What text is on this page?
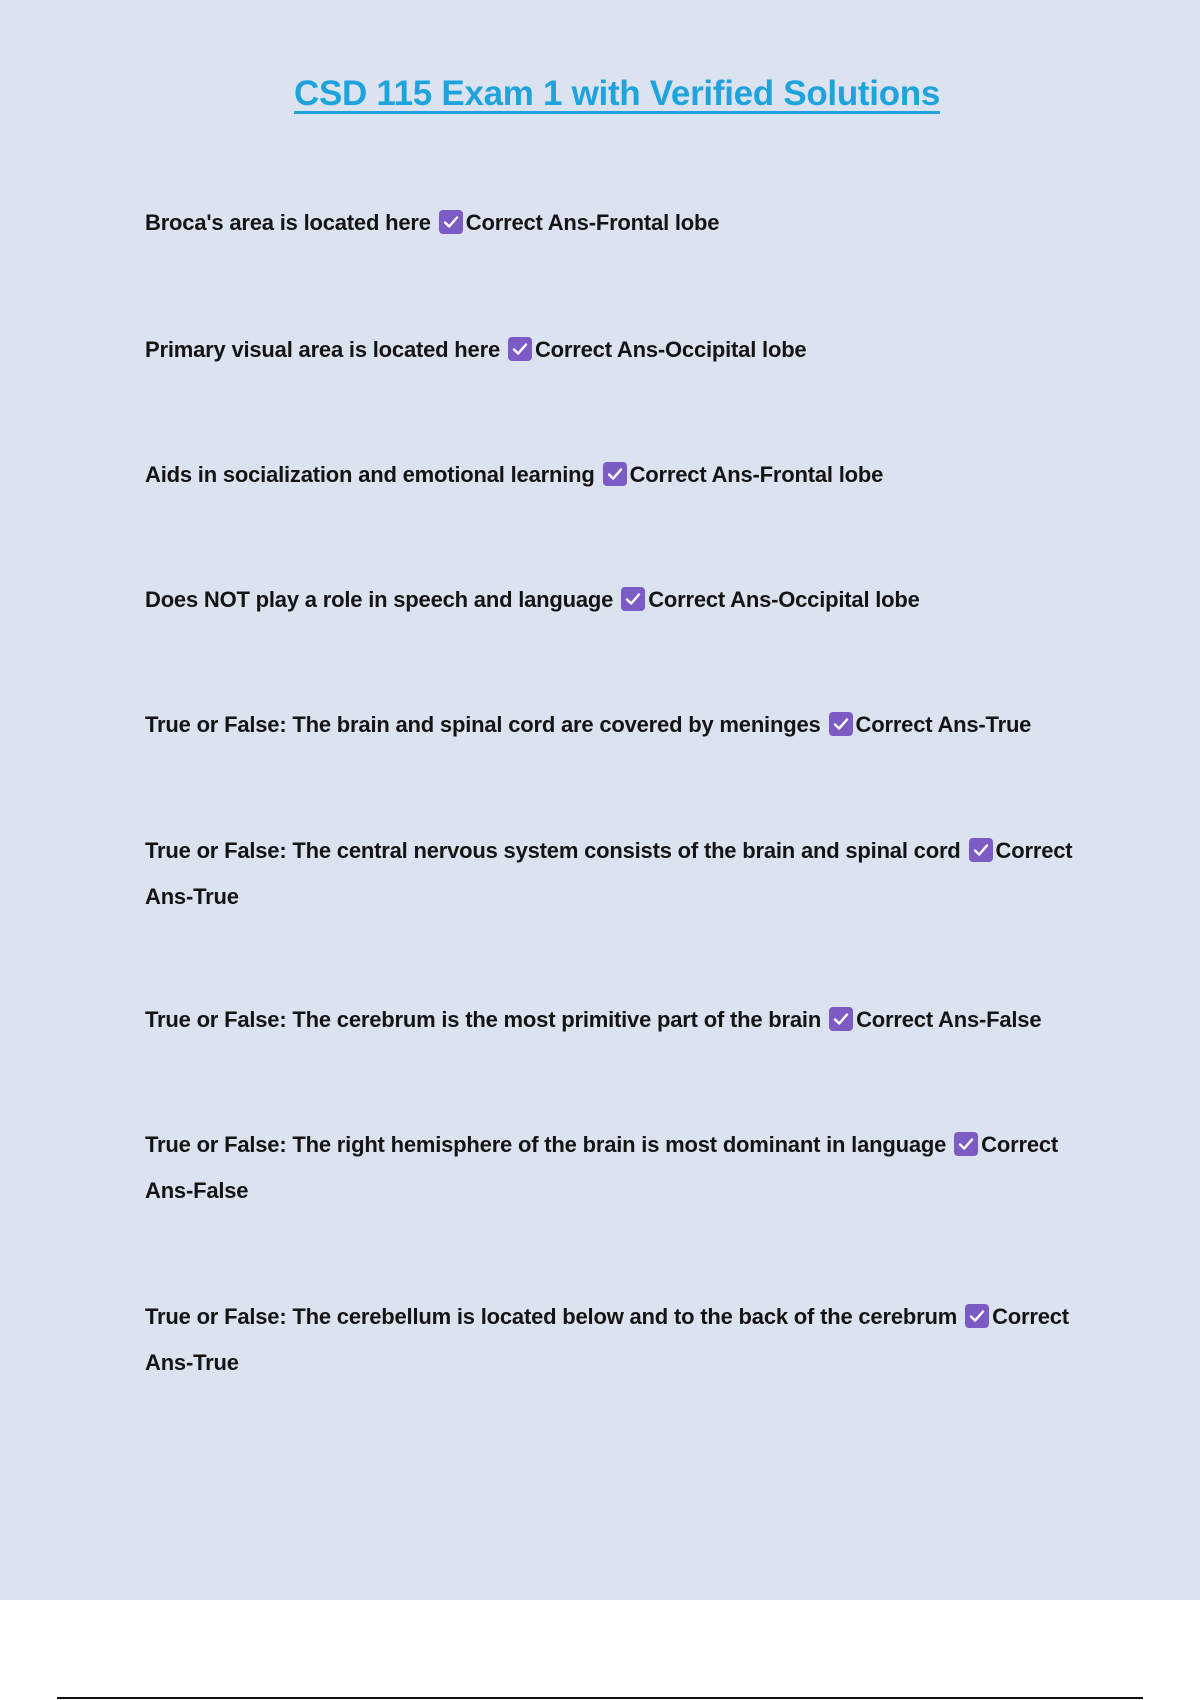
CSD 115 Exam 1 with Verified Solutions
Broca's area is located here Correct Ans-Frontal lobe
Primary visual area is located here Correct Ans-Occipital lobe
Aids in socialization and emotional learning Correct Ans-Frontal lobe
Does NOT play a role in speech and language Correct Ans-Occipital lobe
True or False: The brain and spinal cord are covered by meninges Correct Ans-True
True or False: The central nervous system consists of the brain and spinal cord Correct Ans-True
True or False: The cerebrum is the most primitive part of the brain Correct Ans-False
True or False: The right hemisphere of the brain is most dominant in language Correct Ans-False
True or False: The cerebellum is located below and to the back of the cerebrum Correct Ans-True
